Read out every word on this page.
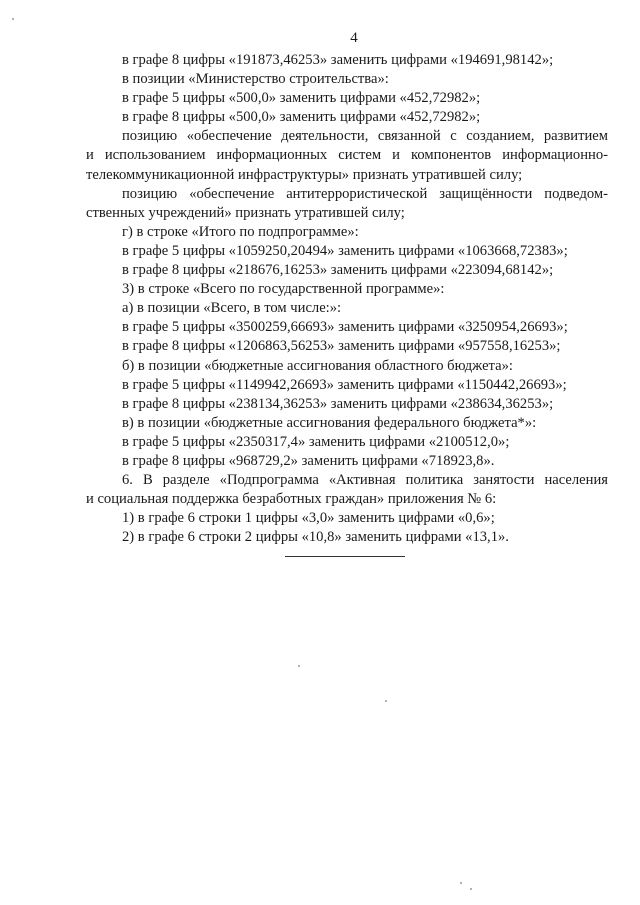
4
в графе 8 цифры «191873,46253» заменить цифрами «194691,98142»;
в позиции «Министерство строительства»:
в графе 5 цифры «500,0» заменить цифрами «452,72982»;
в графе 8 цифры «500,0» заменить цифрами «452,72982»;
позицию «обеспечение деятельности, связанной с созданием, развитием
и использованием информационных систем и компонентов информационно-
телекоммуникационной инфраструктуры» признать утратившей силу;
позицию «обеспечение антитеррористической защищённости подведом-
ственных учреждений» признать утратившей силу;
г) в строке «Итого по подпрограмме»:
в графе 5 цифры «1059250,20494» заменить цифрами «1063668,72383»;
в графе 8 цифры «218676,16253» заменить цифрами «223094,68142»;
3) в строке «Всего по государственной программе»:
а) в позиции «Всего, в том числе:»:
в графе 5 цифры «3500259,66693» заменить цифрами «3250954,26693»;
в графе 8 цифры «1206863,56253» заменить цифрами «957558,16253»;
б) в позиции «бюджетные ассигнования областного бюджета»:
в графе 5 цифры «1149942,26693» заменить цифрами «1150442,26693»;
в графе 8 цифры «238134,36253» заменить цифрами «238634,36253»;
в) в позиции «бюджетные ассигнования федерального бюджета*»:
в графе 5 цифры «2350317,4» заменить цифрами «2100512,0»;
в графе 8 цифры «968729,2» заменить цифрами «718923,8».
6. В разделе «Подпрограмма «Активная политика занятости населения
и социальная поддержка безработных граждан» приложения № 6:
1) в графе 6 строки 1 цифры «3,0» заменить цифрами «0,6»;
2) в графе 6 строки 2 цифры «10,8» заменить цифрами «13,1».
